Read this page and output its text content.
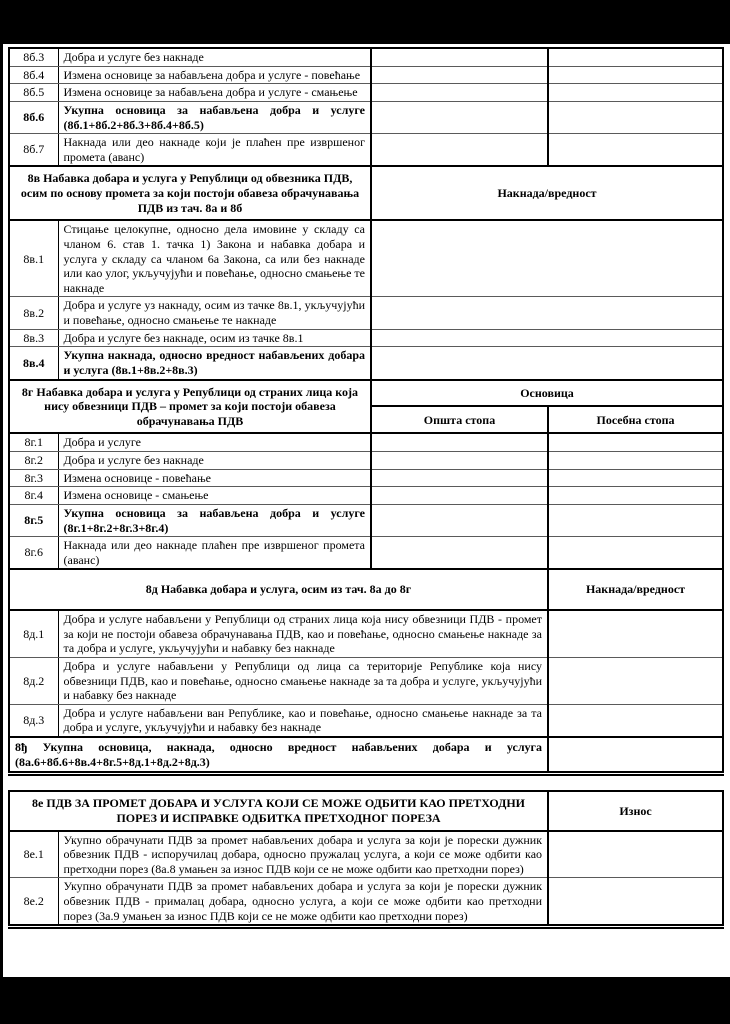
8б.3	Добра и услуге без накнаде		
8б.4	Измена основице за набављена добра и услуге - повећање		
8б.5	Измена основице за набављена добра и услуге - смањење		
8б.6	Укупна основица за набављена добра и услуге (8б.1+8б.2+8б.3+8б.4+8б.5)		
8б.7	Накнада или део накнаде који је плаћен пре извршеног промета (аванс)		
8в Набавка добара и услуга у Републици од обвезника ПДВ, осим по основу промета за који постоји обавеза обрачунавања ПДВ из тач. 8а и 8б		Накнада/вредност	
8в.1	Стицање целокупне, односно дела имовине у складу са чланом 6. став 1. тачка 1) Закона и набавка добара и услуга у складу са чланом 6а Закона, са или без накнаде или као улог, укључујући и повећање, односно смањење те накнаде		
8в.2	Добра и услуге уз накнаду, осим из тачке 8в.1, укључујући и повећање, односно смањење те накнаде		
8в.3	Добра и услуге без накнаде, осим из тачке 8в.1		
8в.4	Укупна накнада, односно вредност набављених добара и услуга (8в.1+8в.2+8в.3)		
8г Набавка добара и услуга у Републици од страних лица која нису обвезници ПДВ – промет за који постоји обавеза обрачунавања ПДВ		Основица	
		Општа стопа	Посебна стопа
8г.1	Добра и услуге		
8г.2	Добра и услуге без накнаде		
8г.3	Измена основице - повећање		
8г.4	Измена основице - смањење		
8г.5	Укупна основица за набављена добра и услуге (8г.1+8г.2+8г.3+8г.4)		
8г.6	Накнада или део накнаде плаћен пре извршеног промета (аванс)		
8д Набавка добара и услуга, осим из тач. 8а до 8г			Накнада/вредност
8д.1	Добра и услуге набављени у Републици од страних лица која нису обвезници ПДВ - промет за који не постоји обавеза обрачунавања ПДВ, као и повећање, односно смањење накнаде за та добра и услуге, укључујући и набавку без накнаде		
8д.2	Добра и услуге набављени у Републици од лица са територије Републике која нису обвезници ПДВ, као и повећање, односно смањење накнаде за та добра и услуге, укључујући и набавку без накнаде		
8д.3	Добра и услуге набављени ван Републике, као и повећање, односно смањење накнаде за та добра и услуге, укључујући и набавку без накнаде		
8ђ Укупна основица, накнада, односно вредност набављених добара и услуга (8а.6+8б.6+8в.4+8г.5+8д.1+8д.2+8д.3)			
8е ПДВ ЗА ПРОМЕТ ДОБАРА И УСЛУГА КОЈИ СЕ МОЖЕ ОДБИТИ КАО ПРЕТХОДНИ ПОРЕЗ И ИСПРАВКЕ ОДБИТКА ПРЕТХОДНОГ ПОРЕЗА		Износ
8е.1	Укупно обрачунати ПДВ за промет набављених добара и услуга за који је порески дужник обвезник ПДВ - испоручилац добара, односно пружалац услуга, а који се може одбити као претходни порез (8а.8 умањен за износ ПДВ који се не може одбити као претходни порез)	
8е.2	Укупно обрачунати ПДВ за промет набављених добара и услуга за који је порески дужник обвезник ПДВ - прималац добара, односно услуга, а који се може одбити као претходни порез (3а.9 умањен за износ ПДВ који се не може одбити као претходни порез)	
